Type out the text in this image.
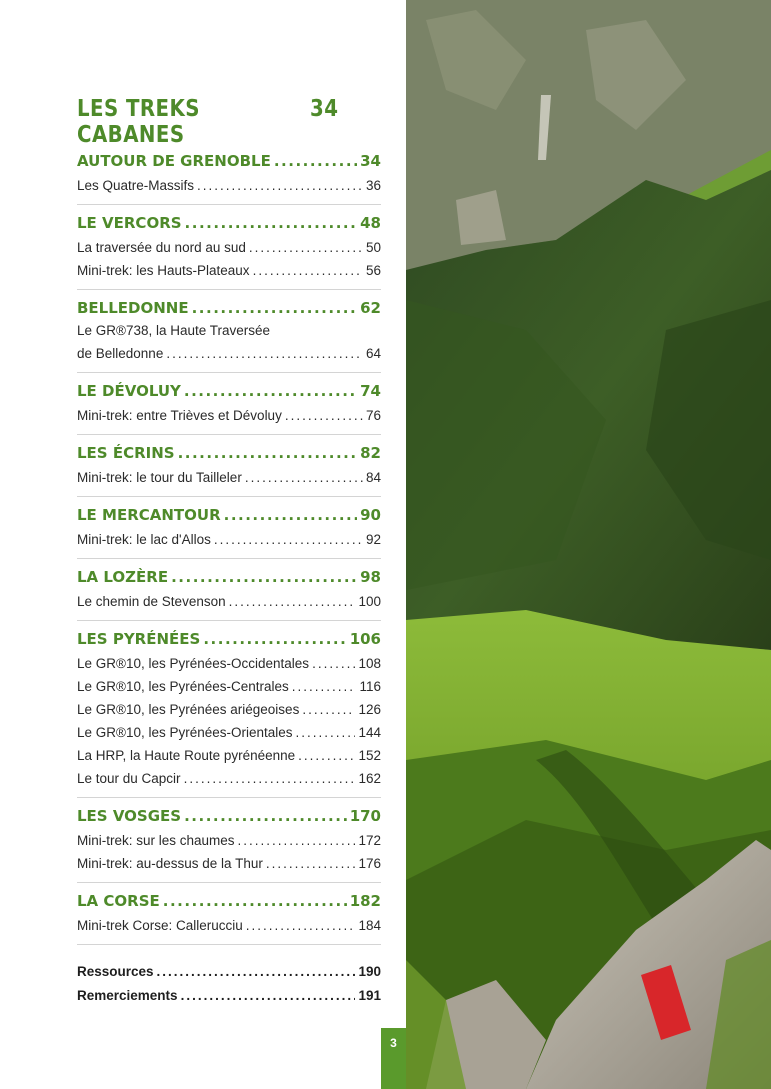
LES TREKS CABANES
34
AUTOUR DE GRENOBLE .....	34
Les Quatre-Massifs .....	36
LE VERCORS .....	48
La traversée du nord au sud .....	50
Mini-trek: les Hauts-Plateaux .....	56
BELLEDONNE .....	62
Le GR®738, la Haute Traversée
de Belledonne .....	64
LE DÉVOLUY .....	74
Mini-trek: entre Trièves et Dévoluy .....	76
LES ÉCRINS .....	82
Mini-trek: le tour du Tailleler .....	84
LE MERCANTOUR .....	90
Mini-trek: le lac d'Allos .....	92
LA LOZÈRE .....	98
Le chemin de Stevenson .....	100
LES PYRÉNÉES .....	106
Le GR®10, les Pyrénées-Occidentales .....	108
Le GR®10, les Pyrénées-Centrales .....	116
Le GR®10, les Pyrénées ariégeoises .....	126
Le GR®10, les Pyrénées-Orientales .....	144
La HRP, la Haute Route pyrénéenne .....	152
Le tour du Capcir .....	162
LES VOSGES .....	170
Mini-trek: sur les chaumes .....	172
Mini-trek: au-dessus de la Thur .....	176
LA CORSE .....	182
Mini-trek Corse: Callerucciu .....	184
Ressources .....	190
Remerciements .....	191
3
